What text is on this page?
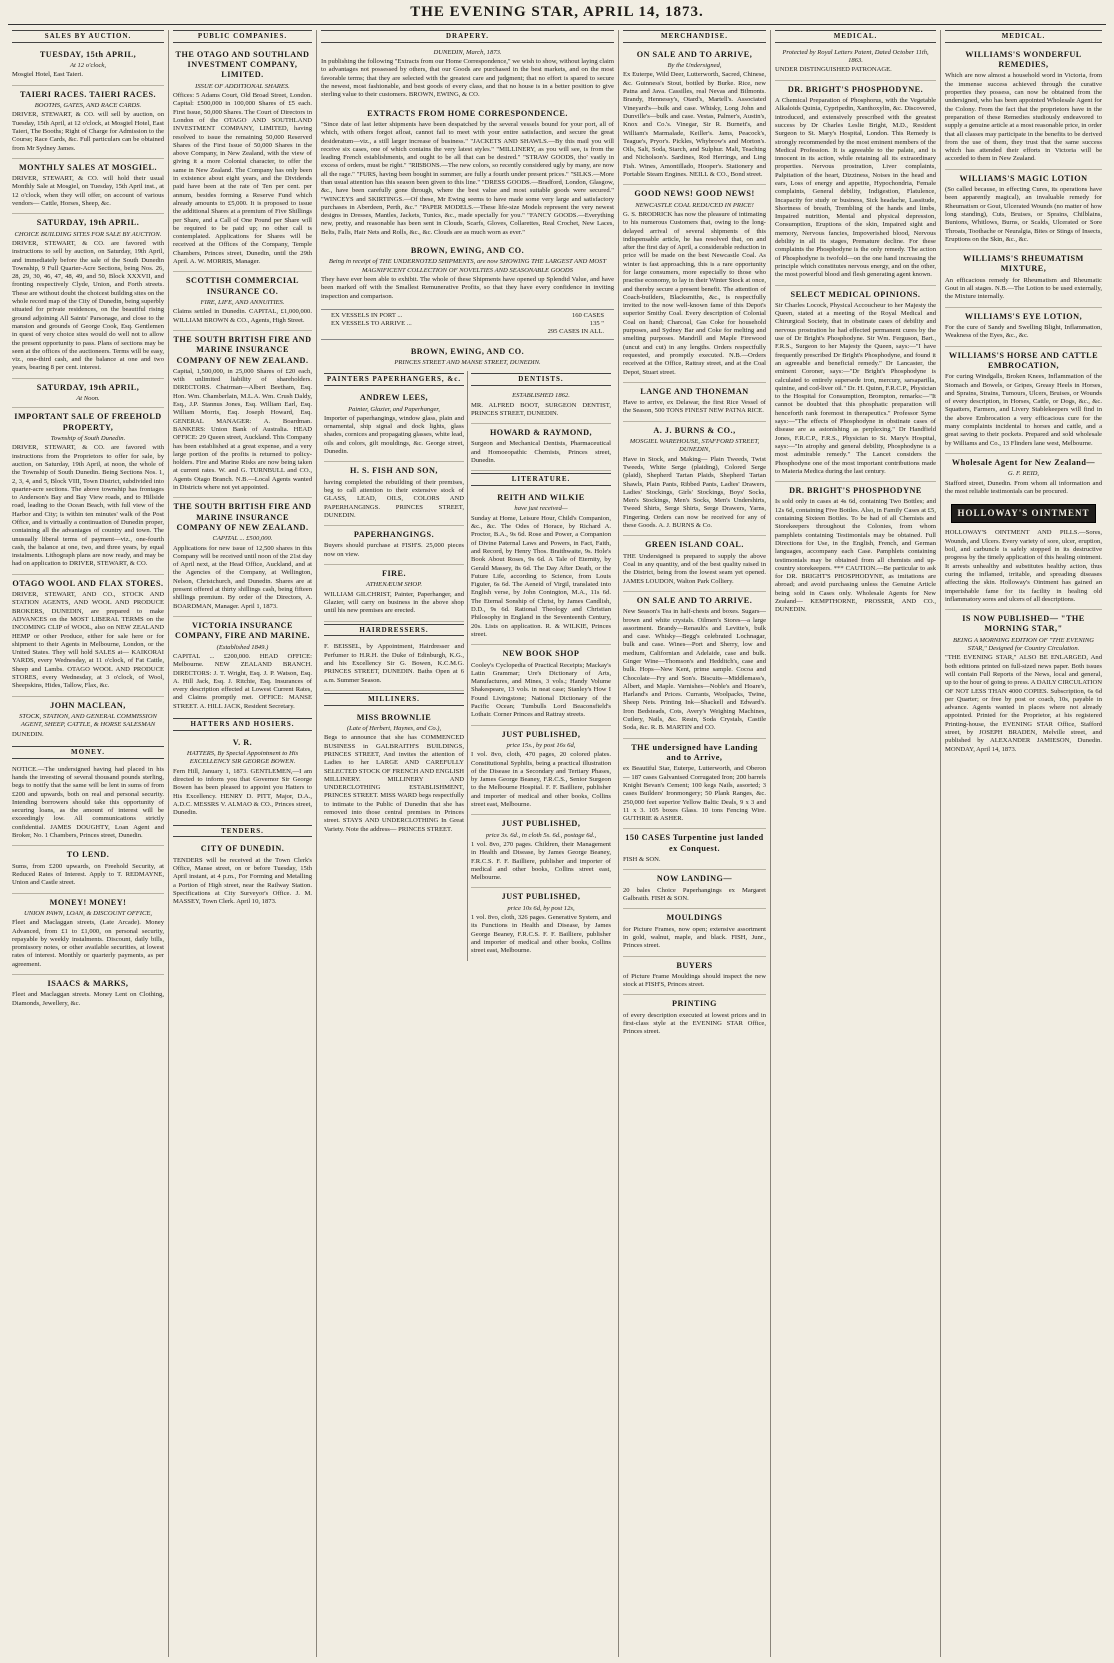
THE EVENING STAR, APRIL 14, 1873.
SALES BY AUCTION.
TUESDAY, 15th APRIL,
At 12 o'clock,
Mosgiel Hotel, East Taieri.
TAIERI RACES. TAIERI RACES.
BOOTHS, GATES, AND RACE CARDS.
DRIVER, STEWART, & CO. will sell by auction, on Tuesday, 15th April, at 12 o'clock, at Mosgiel Hotel, East Taieri, The Booths; Right of Charge for Admission to the Course; Race Cards, &c. Full particulars can be obtained from Mr Sydney James.
MONTHLY SALES AT MOSGIEL.
DRIVER, STEWART, & CO. will hold their usual Monthly Sale at Mosgiel, on Tuesday, 15th April inst., at 12 o'clock, when they will offer, on account of various vendors— Cattle, Horses, Sheep, &c.
SATURDAY, 19th APRIL.
CHOICE BUILDING SITES FOR SALE BY AUCTION.
DRIVER, STEWART, & CO. are favored with instructions to sell by auction, on Saturday, 19th April, and immediately before the sale of the South Dunedin Township, 9 Full Quarter-Acre Sections, being Nos. 26, 28, 29, 30, 46, 47, 48, 49, and 50, Block XXXVII, and fronting respectively Clyde, Union, and Forth streets. These are without doubt the choicest building sites on the whole record map of the City of Dunedin, being superbly situated for private residences, on the beautiful rising ground adjoining All Saints' Parsonage, and close to the mansion and grounds of George Cook, Esq. Gentlemen in quest of very choice sites would do well not to allow the present opportunity to pass. Plans of sections may be seen at the offices of the auctioneers. Terms will be easy, viz., one-third cash, and the balance at one and two years, bearing 8 per cent. interest.
SATURDAY, 19th APRIL,
At Noon.
IMPORTANT SALE OF FREEHOLD PROPERTY,
Township of South Dunedin.
DRIVER, STEWART, & CO. are favored with instructions from the Proprietors to offer for sale, by auction, on Saturday, 19th April, at noon, the whole of the Township of South Dunedin. Being Sections Nos. 1, 2, 3, 4, and 5, Block VIII, Town District, subdivided into quarter-acre sections. The above township has frontages to Anderson's Bay and Bay View roads, and to Hillside road, leading to the Ocean Beach, with full view of the Harbor and City; is within ten minutes' walk of the Post Office, and is virtually a continuation of Dunedin proper, containing all the advantages of country and town. The unusually liberal terms of payment—viz., one-fourth cash, the balance at one, two, and three years, by equal instalments. Lithograph plans are now ready, and may be had on application to DRIVER, STEWART, & CO.
OTAGO WOOL AND FLAX STORES.
DRIVER, STEWART, AND CO., STOCK AND STATION AGENTS, AND WOOL AND PRODUCE BROKERS, DUNEDIN, are prepared to make ADVANCES on the MOST LIBERAL TERMS on the INCOMING CLIP of WOOL, also on NEW ZEALAND HEMP or other Produce, either for sale here or for shipment to their Agents in Melbourne, London, or the United States. They will hold SALES at— KAIKORAI YARDS, every Wednesday, at 11 o'clock, of Fat Cattle, Sheep and Lambs. OTAGO WOOL AND PRODUCE STORES, every Wednesday, at 3 o'clock, of Wool, Sheepskins, Hides, Tallow, Flax, &c.
JOHN MACLEAN,
STOCK, STATION, AND GENERAL COMMISSION AGENT, SHEEP, CATTLE, & HORSE SALESMAN
DUNEDIN.
MONEY.
NOTICE.—The undersigned having had placed in his hands the investing of several thousand pounds sterling, begs to notify that the same will be lent in sums of from £200 and upwards, both on real and personal security. Intending borrowers should take this opportunity of securing loans, as the amount of interest will be exceedingly low. All communications strictly confidential. JAMES DOUGHTY, Loan Agent and Broker, No. 1 Chambers, Princes street, Dunedin.
TO LEND.
Sums, from £200 upwards, on Freehold Security, at Reduced Rates of Interest. Apply to T. REDMAYNE, Union and Castle street.
MONEY! MONEY!
UNION PAWN, LOAN, & DISCOUNT OFFICE,
Fleet and Maclaggan streets, (Late Arcade). Money Advanced, from £1 to £1,000, on personal security, repayable by weekly instalments. Discount, daily bills, promissory notes, or other available securities, at lowest rates of interest. Monthly or quarterly payments, as per agreement.
ISAACS & MARKS,
Fleet and Maclaggan streets. Money Lent on Clothing, Diamonds, Jewellery, &c.
PUBLIC COMPANIES.
THE OTAGO AND SOUTHLAND INVESTMENT COMPANY, LIMITED.
ISSUE OF ADDITIONAL SHARES.
Offices: 5 Adams Court, Old Broad Street, London. Capital: £500,000 in 100,000 Shares of £5 each. First Issue, 50,000 Shares. The Court of Directors in London of the OTAGO AND SOUTHLAND INVESTMENT COMPANY, LIMITED, having resolved to issue the remaining 50,000 Reserved Shares of the First Issue of 50,000 Shares in the above Company, in New Zealand, with the view of giving it a more Colonial character, to offer the same in New Zealand. The Company has only been in existence about eight years, and the Dividends paid have been at the rate of Ten per cent. per annum, besides forming a Reserve Fund which already amounts to £5,000. It is proposed to issue the additional Shares at a premium of Five Shillings per Share, and a Call of One Pound per Share will be required to be paid up; no other call is contemplated. Applications for Shares will be received at the Offices of the Company, Temple Chambers, Princes street, Dunedin, until the 29th April. A. W. MORRIS, Manager.
SCOTTISH COMMERCIAL INSURANCE CO.
FIRE, LIFE, AND ANNUITIES.
Claims settled in Dunedin. CAPITAL, £1,000,000. WILLIAM BROWN & CO., Agents, High Street.
THE SOUTH BRITISH FIRE AND MARINE INSURANCE COMPANY OF NEW ZEALAND.
Capital, 1,500,000, in 25,000 Shares of £20 each, with unlimited liability of shareholders. DIRECTORS. Chairman—Albert Beetham, Esq. Hon. Wm. Chamberlain, M.L.A. Wm. Crush Daldy, Esq., J.P. Stannus Jones, Esq. William Earl, Esq. William Morris, Esq. Joseph Howard, Esq. GENERAL MANAGER: A. Boardman. BANKERS: Union Bank of Australia. HEAD OFFICE: 29 Queen street, Auckland. This Company has been established at a great expense, and a very large portion of the profits is returned to policy-holders. Fire and Marine Risks are now being taken at current rates. W. and G. TURNBULL and CO., Agents Otago Branch. N.B.—Local Agents wanted in Districts where not yet appointed.
THE SOUTH BRITISH FIRE AND MARINE INSURANCE COMPANY OF NEW ZEALAND.
CAPITAL ... £500,000.
Applications for new issue of 12,500 shares in this Company will be received until noon of the 21st day of April next, at the Head Office, Auckland, and at the Agencies of the Company, at Wellington, Nelson, Christchurch, and Dunedin. Shares are at present offered at thirty shillings cash, being fifteen shillings premium. By order of the Directors, A. BOARDMAN, Manager. April 1, 1873.
VICTORIA INSURANCE COMPANY, FIRE AND MARINE.
(Established 1849.)
CAPITAL ... £200,000. HEAD OFFICE: Melbourne. NEW ZEALAND BRANCH. DIRECTORS: J. T. Wright, Esq. J. P. Watson, Esq. A. Hill Jack, Esq. J. Ritchie, Esq. Insurances of every description effected at Lowest Current Rates, and Claims promptly met. OFFICE: MANSE STREET. A. HILL JACK, Resident Secretary.
HATTERS AND HOSIERS.
V. R.
HATTERS, By Special Appointment to His EXCELLENCY SIR GEORGE BOWEN.
Fern Hill, January 1, 1873. GENTLEMEN,—I am directed to inform you that Governor Sir George Bowen has been pleased to appoint you Hatters to His Excellency. HENRY D. PITT, Major, D.A., A.D.C. MESSRS V. ALMAO & CO., Princes street, Dunedin.
TENDERS.
CITY OF DUNEDIN.
TENDERS will be received at the Town Clerk's Office, Manse street, on or before Tuesday, 15th April instant, at 4 p.m., For Forming and Metalling a Portion of High street, near the Railway Station. Specifications at City Surveyor's Office. J. M. MASSEY, Town Clerk. April 10, 1873.
DRAPERY.
DUNEDIN, March, 1873.
In publishing the following "Extracts from our Home Correspondence," we wish to show, without laying claim to advantages not possessed by others, that our Goods are purchased in the best markets, and on the most favorable terms; that they are selected with the greatest care and judgment; that no effort is spared to secure the newest, most fashionable, and best goods of every class, and that no house is in a better position to give sterling value to their customers. BROWN, EWING, & CO.
EXTRACTS FROM HOME CORRESPONDENCE.
"Since date of last letter shipments have been despatched by the several vessels bound for your port, all of which, with others forgot afloat, cannot fail to meet with your entire satisfaction, and secure the great desideratum—viz., a still larger increase of business." "JACKETS AND SHAWLS.—By this mail you will receive six cases, one of which contains the very latest styles." "MILLINERY, as you will see, is from the leading French establishments, and ought to be all that can be desired." "STRAW GOODS, tho' vastly in excess of orders, must be right." "RIBBONS.—The new colors, so recently considered ugly by many, are now all the rage." "FURS, having been bought in summer, are fully a fourth under present prices." "SILKS.—More than usual attention has this season been given to this line." "DRESS GOODS.—Bradford, London, Glasgow, &c., have been carefully gone through, where the best value and most suitable goods were secured." "WINCEYS and SKIRTINGS.—Of these, Mr Ewing seems to have made some very large and satisfactory purchases in Aberdeen, Perth, &c." "PAPER MODELS.—These life-size Models represent the very newest designs in Dresses, Mantles, Jackets, Tunics, &c., made specially for you." "FANCY GOODS.—Everything new, pretty, and reasonable has been sent in Clouds, Scarfs, Gloves, Collarettes, Real Crochet, New Laces, Belts, Falls, Hair Nets and Rolls, &c., &c. Clouds are as much worn as ever."
BROWN, EWING, AND CO.
Being in receipt of THE UNDERNOTED SHIPMENTS, are now SHOWING THE LARGEST AND MOST MAGNIFICENT COLLECTION OF NOVELTIES AND SEASONABLE GOODS
They have ever been able to exhibit. The whole of these Shipments have opened up Splendid Value, and have been marked off with the Smallest Remunerative Profits, so that they have every confidence in inviting inspection and comparison.
EX VESSELS IN PORT ...	160 CASES
EX VESSELS TO ARRIVE ...	135 "
295 CASES IN ALL.
BROWN, EWING, AND CO.
PRINCES STREET AND MANSE STREET, DUNEDIN.
PAINTERS PAPERHANGERS, &c.
ANDREW LEES,
Painter, Glazier, and Paperhanger,
Importer of paperhangings, window glass, plain and ornamental, ship signal and dock lights, glass shades, cornices and propagating glasses, white lead, oils and colors, gilt mouldings, &c. George street, Dunedin.
H. S. FISH AND SON,
having completed the rebuilding of their premises, beg to call attention to their extensive stock of GLASS, LEAD, OILS, COLORS AND PAPERHANGINGS. PRINCES STREET, DUNEDIN.
PAPERHANGINGS.
Buyers should purchase at FISH'S. 25,000 pieces now on view.
FIRE.
ATHENÆUM SHOP.
WILLIAM GILCHRIST, Painter, Paperhanger, and Glazier, will carry on business in the above shop until his new premises are erected.
HAIRDRESSERS.
F. BEISSEL, by Appointment, Hairdresser and Perfumer to H.R.H. the Duke of Edinburgh, K.G., and his Excellency Sir G. Bowen, K.C.M.G. PRINCES STREET, DUNEDIN. Baths Open at 6 a.m. Summer Season.
MILLINERS.
MISS BROWNLIE
(Late of Herbert, Haynes, and Co.),
Begs to announce that she has COMMENCED BUSINESS in GALBRAITH'S BUILDINGS, PRINCES STREET, And invites the attention of Ladies to her LARGE AND CAREFULLY SELECTED STOCK OF FRENCH AND ENGLISH MILLINERY. MILLINERY AND UNDERCLOTHING ESTABLISHMENT, PRINCES STREET. MISS WARD begs respectfully to intimate to the Public of Dunedin that she has removed into those central premises in Princes street. STAYS AND UNDERCLOTHING In Great Variety. Note the address— PRINCES STREET.
DENTISTS.
ESTABLISHED 1862.
MR. ALFRED BOOT, SURGEON DENTIST, PRINCES STREET, DUNEDIN.
HOWARD & RAYMOND,
Surgeon and Mechanical Dentists, Pharmaceutical and Homoeopathic Chemists, Princes street, Dunedin.
LITERATURE.
REITH AND WILKIE
have just received—
Sunday at Home, Leisure Hour, Child's Companion, &c., &c. The Odes of Horace, by Richard A. Proctor, B.A., 9s 6d. Rose and Power, a Companion of Divine Paternal Laws and Powers, in Fact, Faith, and Record, by Henry Thos. Braithwaite, 9s. Hole's Book About Roses, 9s 6d. A Tale of Eternity, by Gerald Massey, 8s 6d. The Day After Death, or the Future Life, according to Science, from Louis Figuier, 6s 6d. The Aeneid of Virgil, translated into English verse, by John Conington, M.A., 11s 6d. The Eternal Sonship of Christ, by James Candlish, D.D., 9s 6d. Rational Theology and Christian Philosophy in England in the Seventeenth Century, 20s. Lists on application. R. & WILKIE, Princes street.
NEW BOOK SHOP
Cooley's Cyclopedia of Practical Receipts; Mackay's Latin Grammar; Ure's Dictionary of Arts, Manufactures, and Mines, 3 vols.; Handy Volume Shakespeare, 13 vols. in neat case; Stanley's How I Found Livingstone; National Dictionary of the Pacific Ocean; Tumbulls Lord Beaconsfield's Lothair. Corner Princes and Rattray streets.
JUST PUBLISHED,
price 15s., by post 16s 6d,
I vol. 8vo, cloth, 470 pages, 20 colored plates. Constitutional Syphilis, being a practical illustration of the Disease in a Secondary and Tertiary Phases, by James George Beaney, F.R.C.S., Senior Surgeon to the Melbourne Hospital. F. F. Bailliere, publisher and importer of medical and other books, Collins street east, Melbourne.
JUST PUBLISHED,
price 3s. 6d., in cloth 5s. 6d., postage 6d.,
1 vol. 8vo, 270 pages. Children, their Management in Health and Disease, by James George Beaney, F.R.C.S. F. F. Bailliere, publisher and importer of medical and other books, Collins street east, Melbourne.
JUST PUBLISHED,
price 10s 6d, by post 12s,
1 vol. 8vo, cloth, 326 pages. Generative System, and its Functions in Health and Disease, by James George Beaney, F.R.C.S. F. F. Bailliere, publisher and importer of medical and other books, Collins street east, Melbourne.
MERCHANDISE.
ON SALE AND TO ARRIVE,
By the Undersigned,
Ex Euterpe, Wild Deer, Lutterworth, Sacred, Chinese, &c. Guinness's Stout, bottled by Burke. Rice, new Patna and Java. Cassilles, real Nevas and Bilmonts. Brandy, Hennessy's, Otard's, Martell's. Associated Vineyard's—bulk and case. Whisky, Long John and Dunville's—bulk and case. Vestas, Palmer's, Austin's, Knox and Co.'s. Vinegar, Sir R. Burnett's, and William's Marmalade, Keiller's. Jams, Peacock's, Teague's, Pryor's. Pickles, Whybrow's and Morton's. Oils, Salt, Soda, Starch, and Sulphur. Malt, Teaching and Nicholson's. Sardines, Rod Herrings, and Ling Fish. Wines, Amontillado, Hooper's. Stationery and Portable Steam Engines. NEILL & CO., Bond street.
GOOD NEWS! GOOD NEWS!
NEWCASTLE COAL REDUCED IN PRICE!
G. S. BRODRICK has now the pleasure of intimating to his numerous Customers that, owing to the long-delayed arrival of several shipments of this indispensable article, he has resolved that, on and after the first day of April, a considerable reduction in price will be made on the best Newcastle Coal. As winter is fast approaching, this is a rare opportunity for large consumers, more especially to those who practise economy, to lay in their Winter Stock at once, and thereby secure a present benefit. The attention of Coach-builders, Blacksmiths, &c., is respectfully invited to the now well-known fame of this Depot's superior Smithy Coal. Every description of Colonial Coal on hand; Charcoal, Gas Coke for household purposes, and Sydney Bar and Coke for melting and smelting purposes. Mandrill and Maple Firewood (uncut and cut) in any lengths. Orders respectfully requested, and promptly executed. N.B.—Orders received at the Office, Rattray street, and at the Coal Depot, Stuart street.
LANGE AND THONEMAN
Have to arrive, ex Delawar, the first Rice Vessel of the Season, 500 TONS FINEST NEW PATNA RICE.
A. J. BURNS & CO.,
MOSGIEL WAREHOUSE, STAFFORD STREET, DUNEDIN,
Have in Stock, and Making— Plain Tweeds, Twist Tweeds, White Serge (plaiding), Colored Serge (plaid), Shepherd Tartan Plaids, Shepherd Tartan Shawls, Plain Pants, Ribbed Pants, Ladies' Drawers, Ladies' Stockings, Girls' Stockings, Boys' Socks, Men's Stockings, Men's Socks, Men's Undershirts, Tweed Shirts, Serge Shirts, Serge Drawers, Yarns, Fingering. Orders can now be received for any of these Goods. A. J. BURNS & Co.
GREEN ISLAND COAL.
THE Undersigned is prepared to supply the above Coal in any quantity, and of the best quality raised in the District, being from the lowest seam yet opened. JAMES LOUDON, Walton Park Colliery.
ON SALE AND TO ARRIVE.
New Season's Tea in half-chests and boxes. Sugars—brown and white crystals. Oilmen's Stores—a large assortment. Brandy—Renault's and Levitte's, bulk and case. Whisky—Begg's celebrated Lochnagar, bulk and case. Wines—Port and Sherry, low and medium, Californian and Adelaide, case and bulk. Ginger Wine—Thomson's and Hedditch's, case and bulk. Hops—New Kent, prime sample. Cocoa and Chocolate—Fry and Son's. Biscuits—Middlemass's, Albert, and Maple. Varnishes—Noble's and Hoare's, Harland's and Prices. Currants, Woolpacks, Twine, Sheep Nets. Printing Ink—Shackell and Edward's. Iron Bedsteads, Cots, Avery's Weighing Machines, Cutlery, Nails, &c. Resin, Soda Crystals, Castile Soda, &c. R. B. MARTIN and CO.
THE undersigned have Landing and to Arrive,
ex Beautiful Star, Euterpe, Lutterworth, and Oberon— 187 cases Galvanised Corrugated Iron; 200 barrels Knight Bevan's Cement; 100 kegs Nails, assorted; 3 cases Builders' Ironmongery; 50 Plank Ranges, &c. 250,000 feet superior Yellow Baltic Deals, 9 x 3 and 11 x 3. 105 boxes Glass. 10 tons Fencing Wire. GUTHRIE & ASHER.
150 CASES Turpentine just landed ex Conquest.
FISH & SON.
NOW LANDING—
20 bales Choice Paperhangings ex Margaret Galbraith. FISH & SON.
MOULDINGS
for Picture Frames, now open; extensive assortment in gold, walnut, maple, and black. FISH, Junr., Princes street.
BUYERS
of Picture Frame Mouldings should inspect the new stock at FISH'S, Princes street.
PRINTING
of every description executed at lowest prices and in first-class style at the EVENING STAR Office, Princes street.
MEDICAL.
Protected by Royal Letters Patent, Dated October 11th, 1863.
UNDER DISTINGUISHED PATRONAGE.
DR. BRIGHT'S PHOSPHODYNE.
A Chemical Preparation of Phosphorus, with the Vegetable Alkaloids Quinia, Cypripedin, Xanthoxylin, &c. Discovered, introduced, and extensively prescribed with the greatest success by Dr Charles Leslie Bright, M.D., Resident Surgeon to St. Mary's Hospital, London. This Remedy is strongly recommended by the most eminent members of the Medical Profession. It is agreeable to the palate, and is innocent in its action, while retaining all its extraordinary properties. Nervous prostration, Liver complaints, Palpitation of the heart, Dizziness, Noises in the head and ears, Loss of energy and appetite, Hypochondria, Female complaints, General debility, Indigestion, Flatulence, Incapacity for study or business, Sick headache, Lassitude, Shortness of breath, Trembling of the hands and limbs, Impaired nutrition, Mental and physical depression, Consumption, Eruptions of the skin, Impaired sight and memory, Nervous fancies, Impoverished blood, Nervous debility in all its stages, Premature decline. For these complaints the Phosphodyne is the only remedy. The action of Phosphodyne is twofold—on the one hand increasing the principle which constitutes nervous energy, and on the other, the most powerful blood and flesh generating agent known.
SELECT MEDICAL OPINIONS.
Sir Charles Locock, Physical Accoucheur to her Majesty the Queen, stated at a meeting of the Royal Medical and Chirurgical Society, that in obstinate cases of debility and nervous prostration he had effected permanent cures by the use of Dr Bright's Phosphodyne. Sir Wm. Ferguson, Bart., F.R.S., Surgeon to her Majesty the Queen, says:—"I have frequently prescribed Dr Bright's Phosphodyne, and found it an agreeable and beneficial remedy." Dr Lancaster, the eminent Coroner, says:—"Dr Bright's Phosphodyne is calculated to entirely supersede iron, mercury, sarsaparilla, quinine, and cod-liver oil." Dr. H. Quinn, F.R.C.P., Physician to the Hospital for Consumption, Brompton, remarks:—"It cannot be doubted that this phosphatic preparation will henceforth rank foremost in therapeutics." Professor Syme says:—"The effects of Phosphodyne in obstinate cases of disease are as astonishing as perplexing." Dr Handfield Jones, F.R.C.P., F.R.S., Physician to St. Mary's Hospital, says:—"In atrophy and general debility, Phosphodyne is a most admirable remedy." The Lancet considers the Phosphodyne one of the most important contributions made to Materia Medica during the last century.
DR. BRIGHT'S PHOSPHODYNE
Is sold only in cases at 4s 6d, containing Two Bottles; and 12s 6d, containing Five Bottles. Also, in Family Cases at £5, containing Sixteen Bottles. To be had of all Chemists and Storekeepers throughout the Colonies, from whom pamphlets containing Testimonials may be obtained. Full Directions for Use, in the English, French, and German languages, accompany each Case. Pamphlets containing testimonials may be obtained from all chemists and up-country storekeepers. *** CAUTION.—Be particular to ask for DR. BRIGHT'S PHOSPHODYNE, as imitations are abroad; and avoid purchasing unless the Genuine Article being sold in Cases only. Wholesale Agents for New Zealand— KEMPTHORNE, PROSSER, AND CO., DUNEDIN.
MEDICAL.
WILLIAMS'S WONDERFUL REMEDIES,
Which are now almost a household word in Victoria, from the immense success achieved through the curative properties they possess, can now be obtained from the undersigned, who has been appointed Wholesale Agent for the Colony. From the fact that the proprietors have in the preparation of these Remedies studiously endeavored to supply a genuine article at a most reasonable price, in order that all classes may participate in the benefits to be derived from the use of them, they trust that the same success which has attended their efforts in Victoria will be accorded to them in New Zealand.
WILLIAMS'S MAGIC LOTION
(So called because, in effecting Cures, its operations have been apparently magical), an invaluable remedy for Rheumatism or Gout, Ulcerated Wounds (no matter of how long standing), Cuts, Bruises, or Sprains, Chilblains, Bunions, Whitlows, Burns, or Scalds, Ulcerated or Sore Throats, Toothache or Neuralgia, Bites or Stings of Insects, Eruptions on the Skin, &c., &c.
WILLIAMS'S RHEUMATISM MIXTURE,
An efficacious remedy for Rheumatism and Rheumatic Gout in all stages. N.B.—The Lotion to be used externally, the Mixture internally.
WILLIAMS'S EYE LOTION,
For the cure of Sandy and Swelling Blight, Inflammation, Weakness of the Eyes, &c., &c.
WILLIAMS'S HORSE AND CATTLE EMBROCATION,
For curing Windgalls, Broken Knees, Inflammation of the Stomach and Bowels, or Gripes, Greasy Heels in Horses, and Sprains, Strains, Tumours, Ulcers, Bruises, or Wounds of every description, in Horses, Cattle, or Dogs, &c., &c. Squatters, Farmers, and Livery Stablekeepers will find in the above Embrocation a very efficacious cure for the many complaints incidental to horses and cattle, and a great saving to their pockets. Prepared and sold wholesale by Williams and Co., 13 Flinders lane west, Melbourne.
Wholesale Agent for New Zealand—
G. F. REID,
Stafford street, Dunedin. From whom all information and the most reliable testimonials can be procured.
HOLLOWAY'S OINTMENT
HOLLOWAY'S OINTMENT AND PILLS.—Sores, Wounds, and Ulcers. Every variety of sore, ulcer, eruption, boil, and carbuncle is safely stopped in its destructive progress by the timely application of this healing ointment. It arrests unhealthy and substitutes healthy action, thus curing the inflamed, irritable, and spreading diseases affecting the skin. Holloway's Ointment has gained an imperishable fame for its facility in healing old inflammatory sores and ulcers of all descriptions.
IS NOW PUBLISHED— "THE MORNING STAR,"
BEING A MORNING EDITION OF "THE EVENING STAR," Designed for Country Circulation.
"THE EVENING STAR," ALSO BE ENLARGED, And both editions printed on full-sized news paper. Both issues will contain Full Reports of the News, local and general, up to the hour of going to press. A DAILY CIRCULATION OF NOT LESS THAN 4000 COPIES. Subscription, 6s 6d per Quarter; or free by post or coach, 10s, payable in advance. Agents wanted in places where not already appointed. Printed for the Proprietor, at his registered Printing-house, the EVENING STAR Office, Stafford street, by JOSEPH BRADEN, Melville street, and published by ALEXANDER JAMIESON, Dunedin. MONDAY, April 14, 1873.
